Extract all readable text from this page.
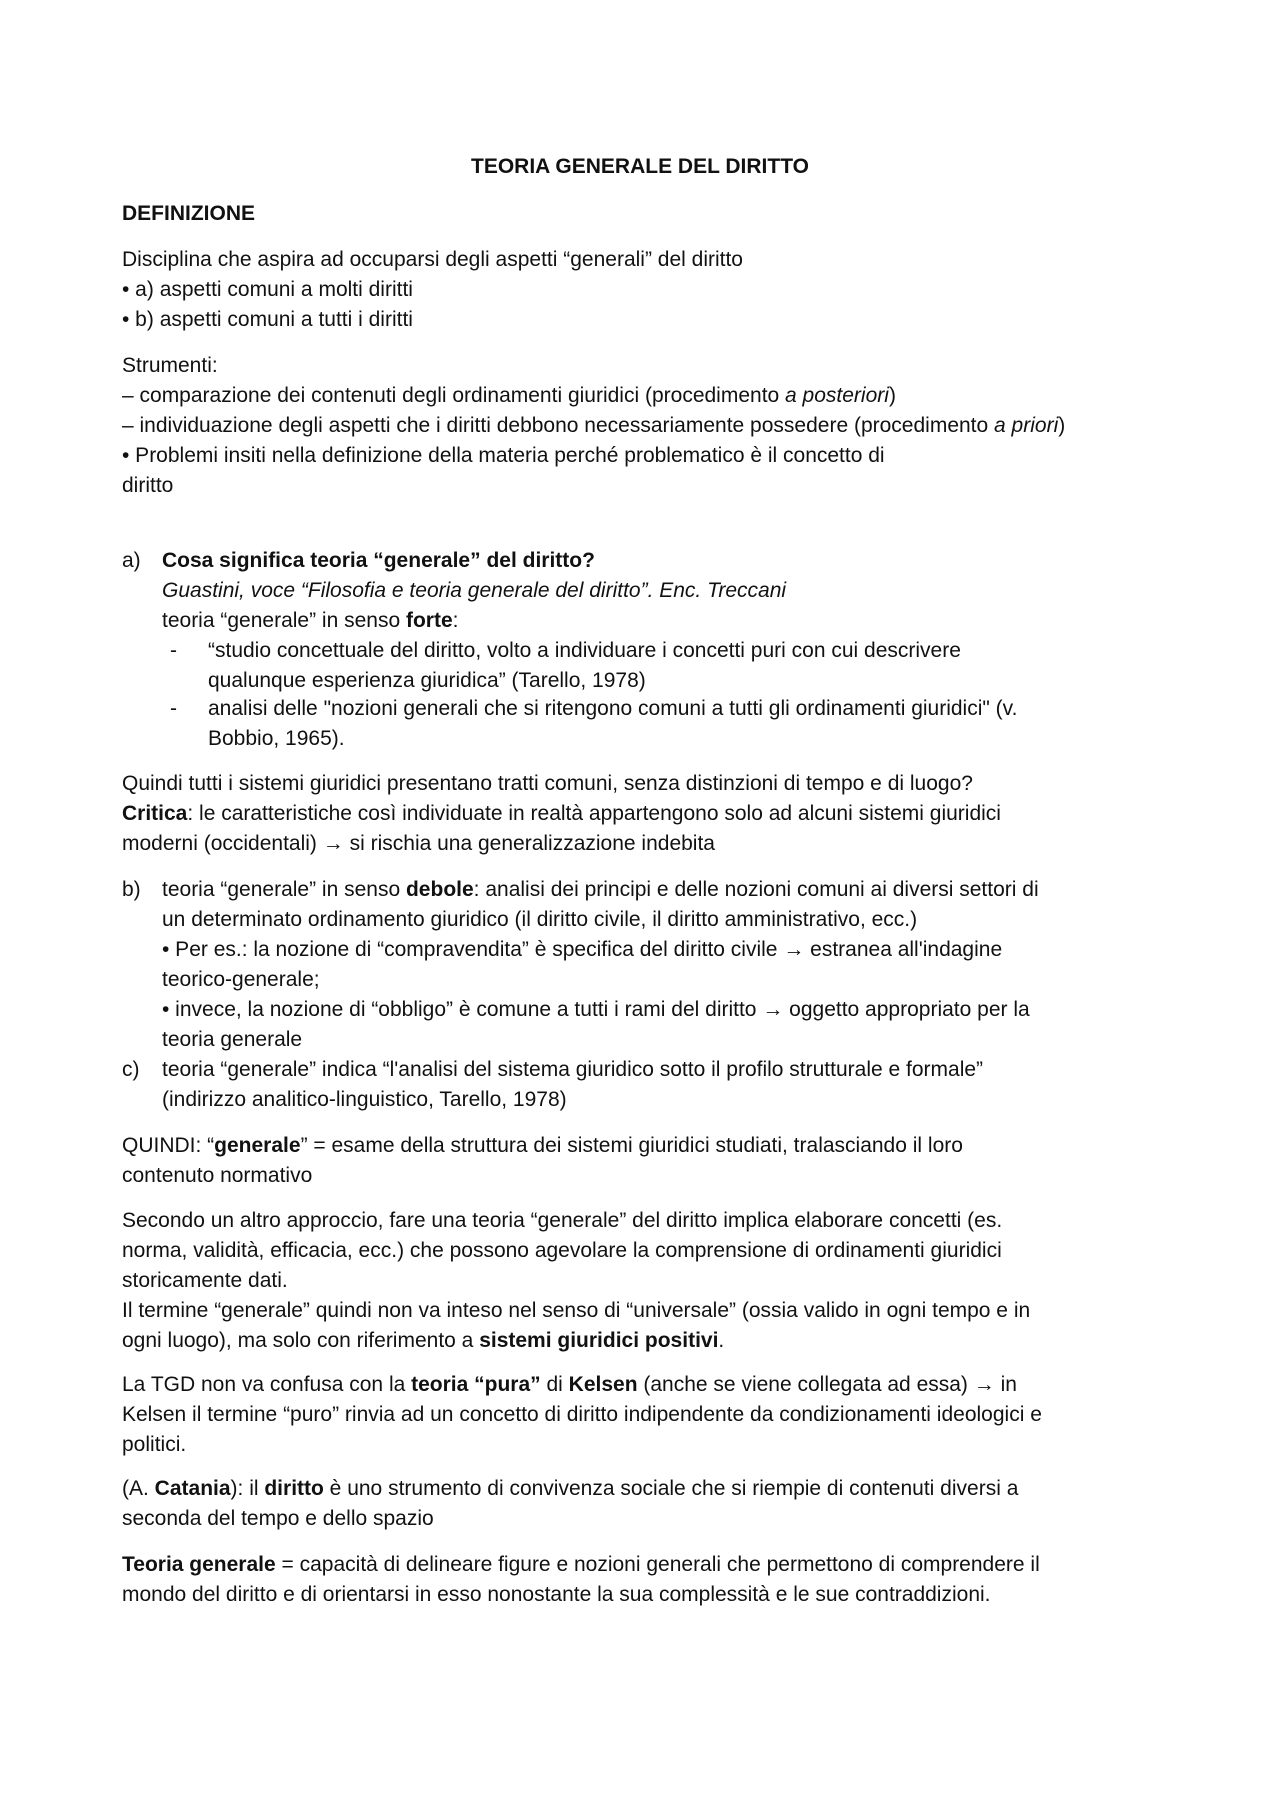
TEORIA GENERALE DEL DIRITTO

DEFINIZIONE

Disciplina che aspira ad occuparsi degli aspetti “generali” del diritto

• a) aspetti comuni a molti diritti

• b) aspetti comuni a tutti i diritti

Strumenti:

– comparazione dei contenuti degli ordinamenti giuridici (procedimento a posteriori)

– individuazione degli aspetti che i diritti debbono necessariamente possedere (procedimento a priori)

• Problemi insiti nella definizione della materia perché problematico è il concetto di

diritto

a)	Cosa significa teoria “generale” del diritto?

Guastini, voce “Filosofia e teoria generale del diritto”. Enc. Treccani

teoria “generale” in senso forte:

-	“studio concettuale del diritto, volto a individuare i concetti puri con cui descrivere

qualunque esperienza giuridica” (Tarello, 1978)

-	analisi delle "nozioni generali che si ritengono comuni a tutti gli ordinamenti giuridici" (v.

Bobbio, 1965).

Quindi tutti i sistemi giuridici presentano tratti comuni, senza distinzioni di tempo e di luogo?

Critica: le caratteristiche così individuate in realtà appartengono solo ad alcuni sistemi giuridici

moderni (occidentali) → si rischia una generalizzazione indebita

b)	teoria “generale” in senso debole: analisi dei principi e delle nozioni comuni ai diversi settori di

un determinato ordinamento giuridico (il diritto civile, il diritto amministrativo, ecc.)

• Per es.: la nozione di “compravendita” è specifica del diritto civile → estranea all'indagine

teorico-generale;

• invece, la nozione di “obbligo” è comune a tutti i rami del diritto → oggetto appropriato per la

teoria generale

c)	teoria “generale” indica “l'analisi del sistema giuridico sotto il profilo strutturale e formale”

(indirizzo analitico-linguistico, Tarello, 1978)

QUINDI: “generale” = esame della struttura dei sistemi giuridici studiati, tralasciando il loro

contenuto normativo

Secondo un altro approccio, fare una teoria “generale” del diritto implica elaborare concetti (es.

norma, validità, efficacia, ecc.) che possono agevolare la comprensione di ordinamenti giuridici

storicamente dati.

Il termine “generale” quindi non va inteso nel senso di “universale” (ossia valido in ogni tempo e in

ogni luogo), ma solo con riferimento a sistemi giuridici positivi.

La TGD non va confusa con la teoria “pura” di Kelsen (anche se viene collegata ad essa) → in

Kelsen il termine “puro” rinvia ad un concetto di diritto indipendente da condizionamenti ideologici e

politici.

(A. Catania): il diritto è uno strumento di convivenza sociale che si riempie di contenuti diversi a

seconda del tempo e dello spazio

Teoria generale = capacità di delineare figure e nozioni generali che permettono di comprendere il

mondo del diritto e di orientarsi in esso nonostante la sua complessità e le sue contraddizioni.
